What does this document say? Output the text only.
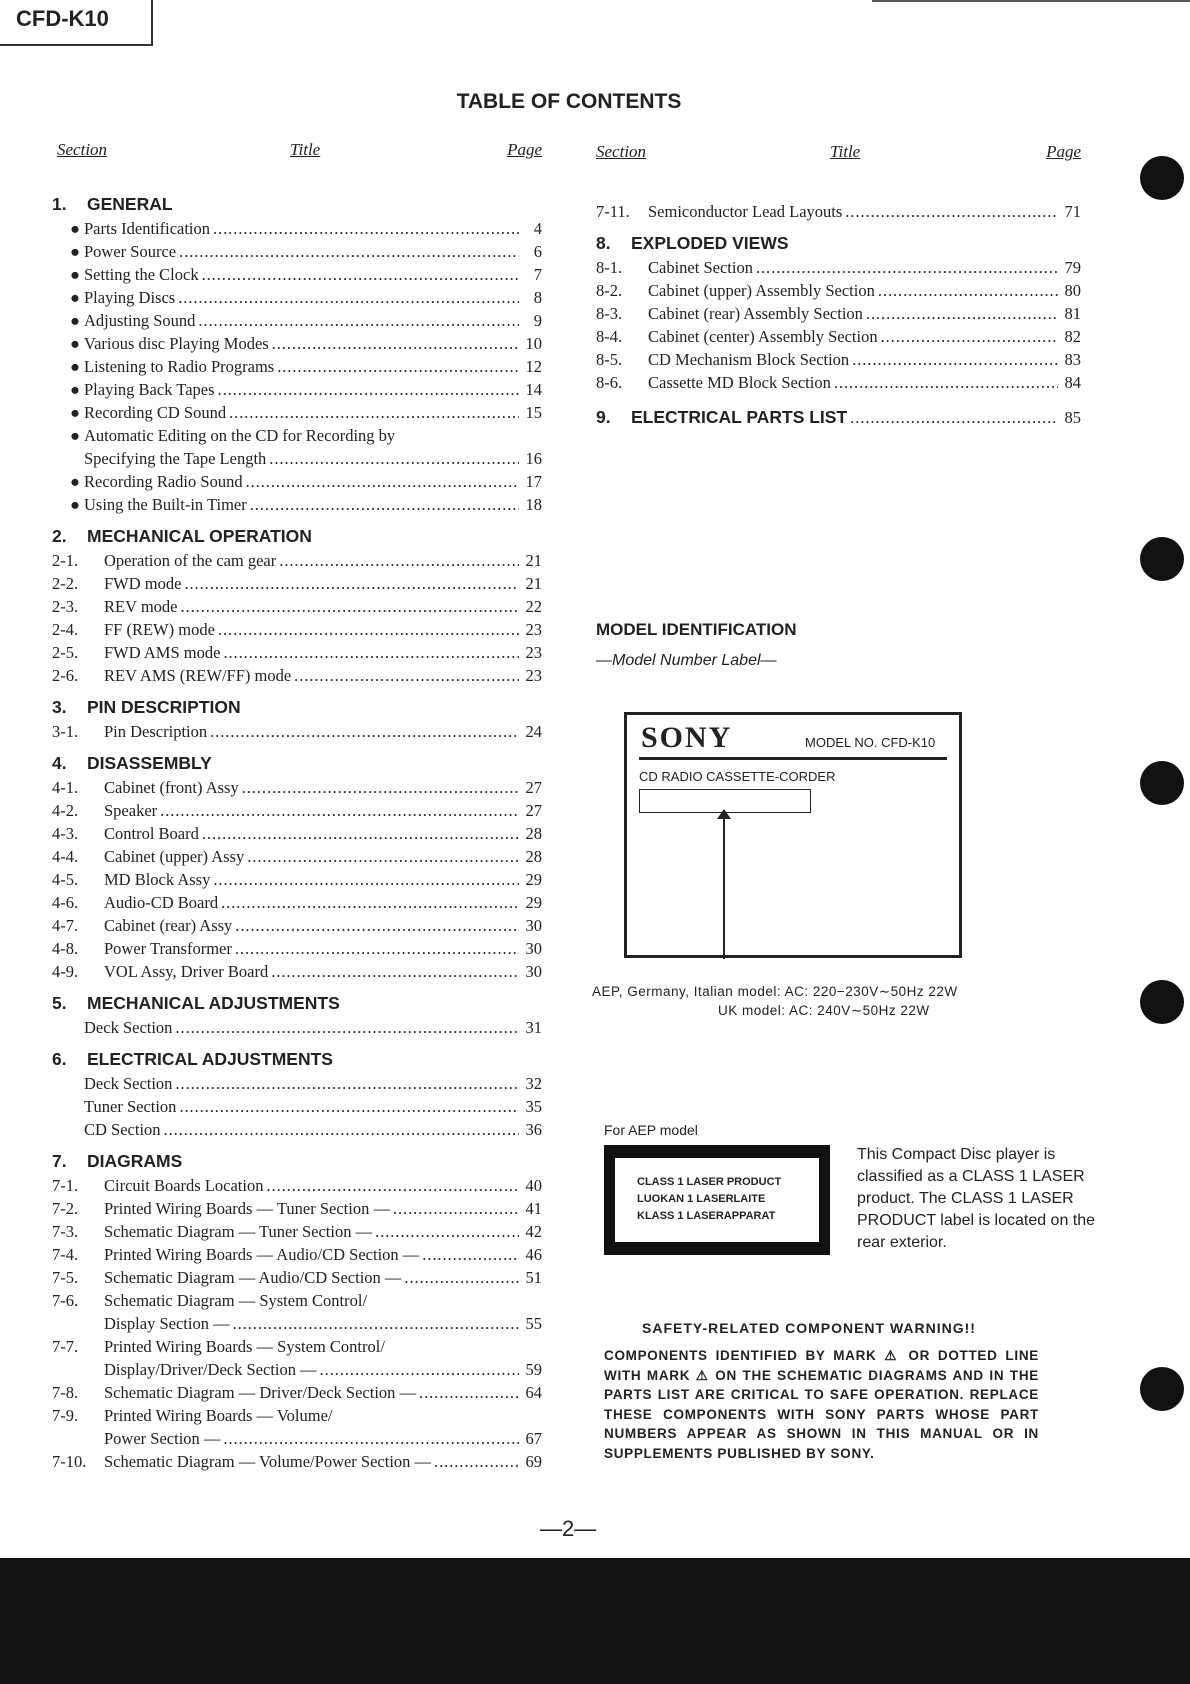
CFD-K10
TABLE OF CONTENTS
Section	Title	Page
1. GENERAL
● Parts Identification . . .	4
● Power Source . . .	6
● Setting the Clock . . .	7
● Playing Discs . . .	8
● Adjusting Sound . . .	9
● Various disc Playing Modes . . .	10
● Listening to Radio Programs . . .	12
● Playing Back Tapes . . .	14
● Recording CD Sound . . .	15
● Automatic Editing on the CD for Recording by
Specifying the Tape Length . . .	16
● Recording Radio Sound . . .	17
● Using the Built-in Timer . . .	18
2. MECHANICAL OPERATION
2-1.	Operation of the cam gear . . .	21
2-2.	FWD mode . . .	21
2-3.	REV mode . . .	22
2-4.	FF (REW) mode . . .	23
2-5.	FWD AMS mode . . .	23
2-6.	REV AMS (REW/FF) mode . . .	23
3. PIN DESCRIPTION
3-1.	Pin Description . . .	24
4. DISASSEMBLY
4-1.	Cabinet (front) Assy . . .	27
4-2.	Speaker . . .	27
4-3.	Control Board . . .	28
4-4.	Cabinet (upper) Assy . . .	28
4-5.	MD Block Assy . . .	29
4-6.	Audio-CD Board . . .	29
4-7.	Cabinet (rear) Assy . . .	30
4-8.	Power Transformer . . .	30
4-9.	VOL Assy, Driver Board . . .	30
5. MECHANICAL ADJUSTMENTS
Deck Section . . .	31
6. ELECTRICAL ADJUSTMENTS
Deck Section . . .	32
Tuner Section . . .	35
CD Section . . .	36
7. DIAGRAMS
7-1.	Circuit Boards Location . . .	40
7-2.	Printed Wiring Boards — Tuner Section — . . .	41
7-3.	Schematic Diagram — Tuner Section — . . .	42
7-4.	Printed Wiring Boards — Audio/CD Section — . . .	46
7-5.	Schematic Diagram — Audio/CD Section — . . .	51
7-6.	Schematic Diagram — System Control/
Display Section — . . .	55
7-7.	Printed Wiring Boards — System Control/
Display/Driver/Deck Section — . . .	59
7-8.	Schematic Diagram — Driver/Deck Section — . . .	64
7-9.	Printed Wiring Boards — Volume/
Power Section — . . .	67
7-10.	Schematic Diagram — Volume/Power Section — . . .	69
Section	Title	Page
7-11.	Semiconductor Lead Layouts . . .	71
8. EXPLODED VIEWS
8-1.	Cabinet Section . . .	79
8-2.	Cabinet (upper) Assembly Section . . .	80
8-3.	Cabinet (rear) Assembly Section . . .	81
8-4.	Cabinet (center) Assembly Section . . .	82
8-5.	CD Mechanism Block Section . . .	83
8-6.	Cassette MD Block Section . . .	84
9.	ELECTRICAL PARTS LIST . . .	85
MODEL IDENTIFICATION
—Model Number Label—
SONY	MODEL NO. CFD-K10
CD RADIO CASSETTE-CORDER
AEP, Germany, Italian model: AC: 220−230V∼50Hz 22W
UK model: AC: 240V∼50Hz 22W
For AEP model
CLASS 1 LASER PRODUCT
LUOKAN 1 LASERLAITE
KLASS 1 LASERAPPARAT
This Compact Disc player is classified as a CLASS 1 LASER product. The CLASS 1 LASER PRODUCT label is located on the rear exterior.
SAFETY-RELATED COMPONENT WARNING!!
COMPONENTS IDENTIFIED BY MARK ⚠ OR DOTTED LINE WITH MARK ⚠ ON THE SCHEMATIC DIAGRAMS AND IN THE PARTS LIST ARE CRITICAL TO SAFE OPERATION. REPLACE THESE COMPONENTS WITH SONY PARTS WHOSE PART NUMBERS APPEAR AS SHOWN IN THIS MANUAL OR IN SUPPLEMENTS PUBLISHED BY SONY.
—2—
